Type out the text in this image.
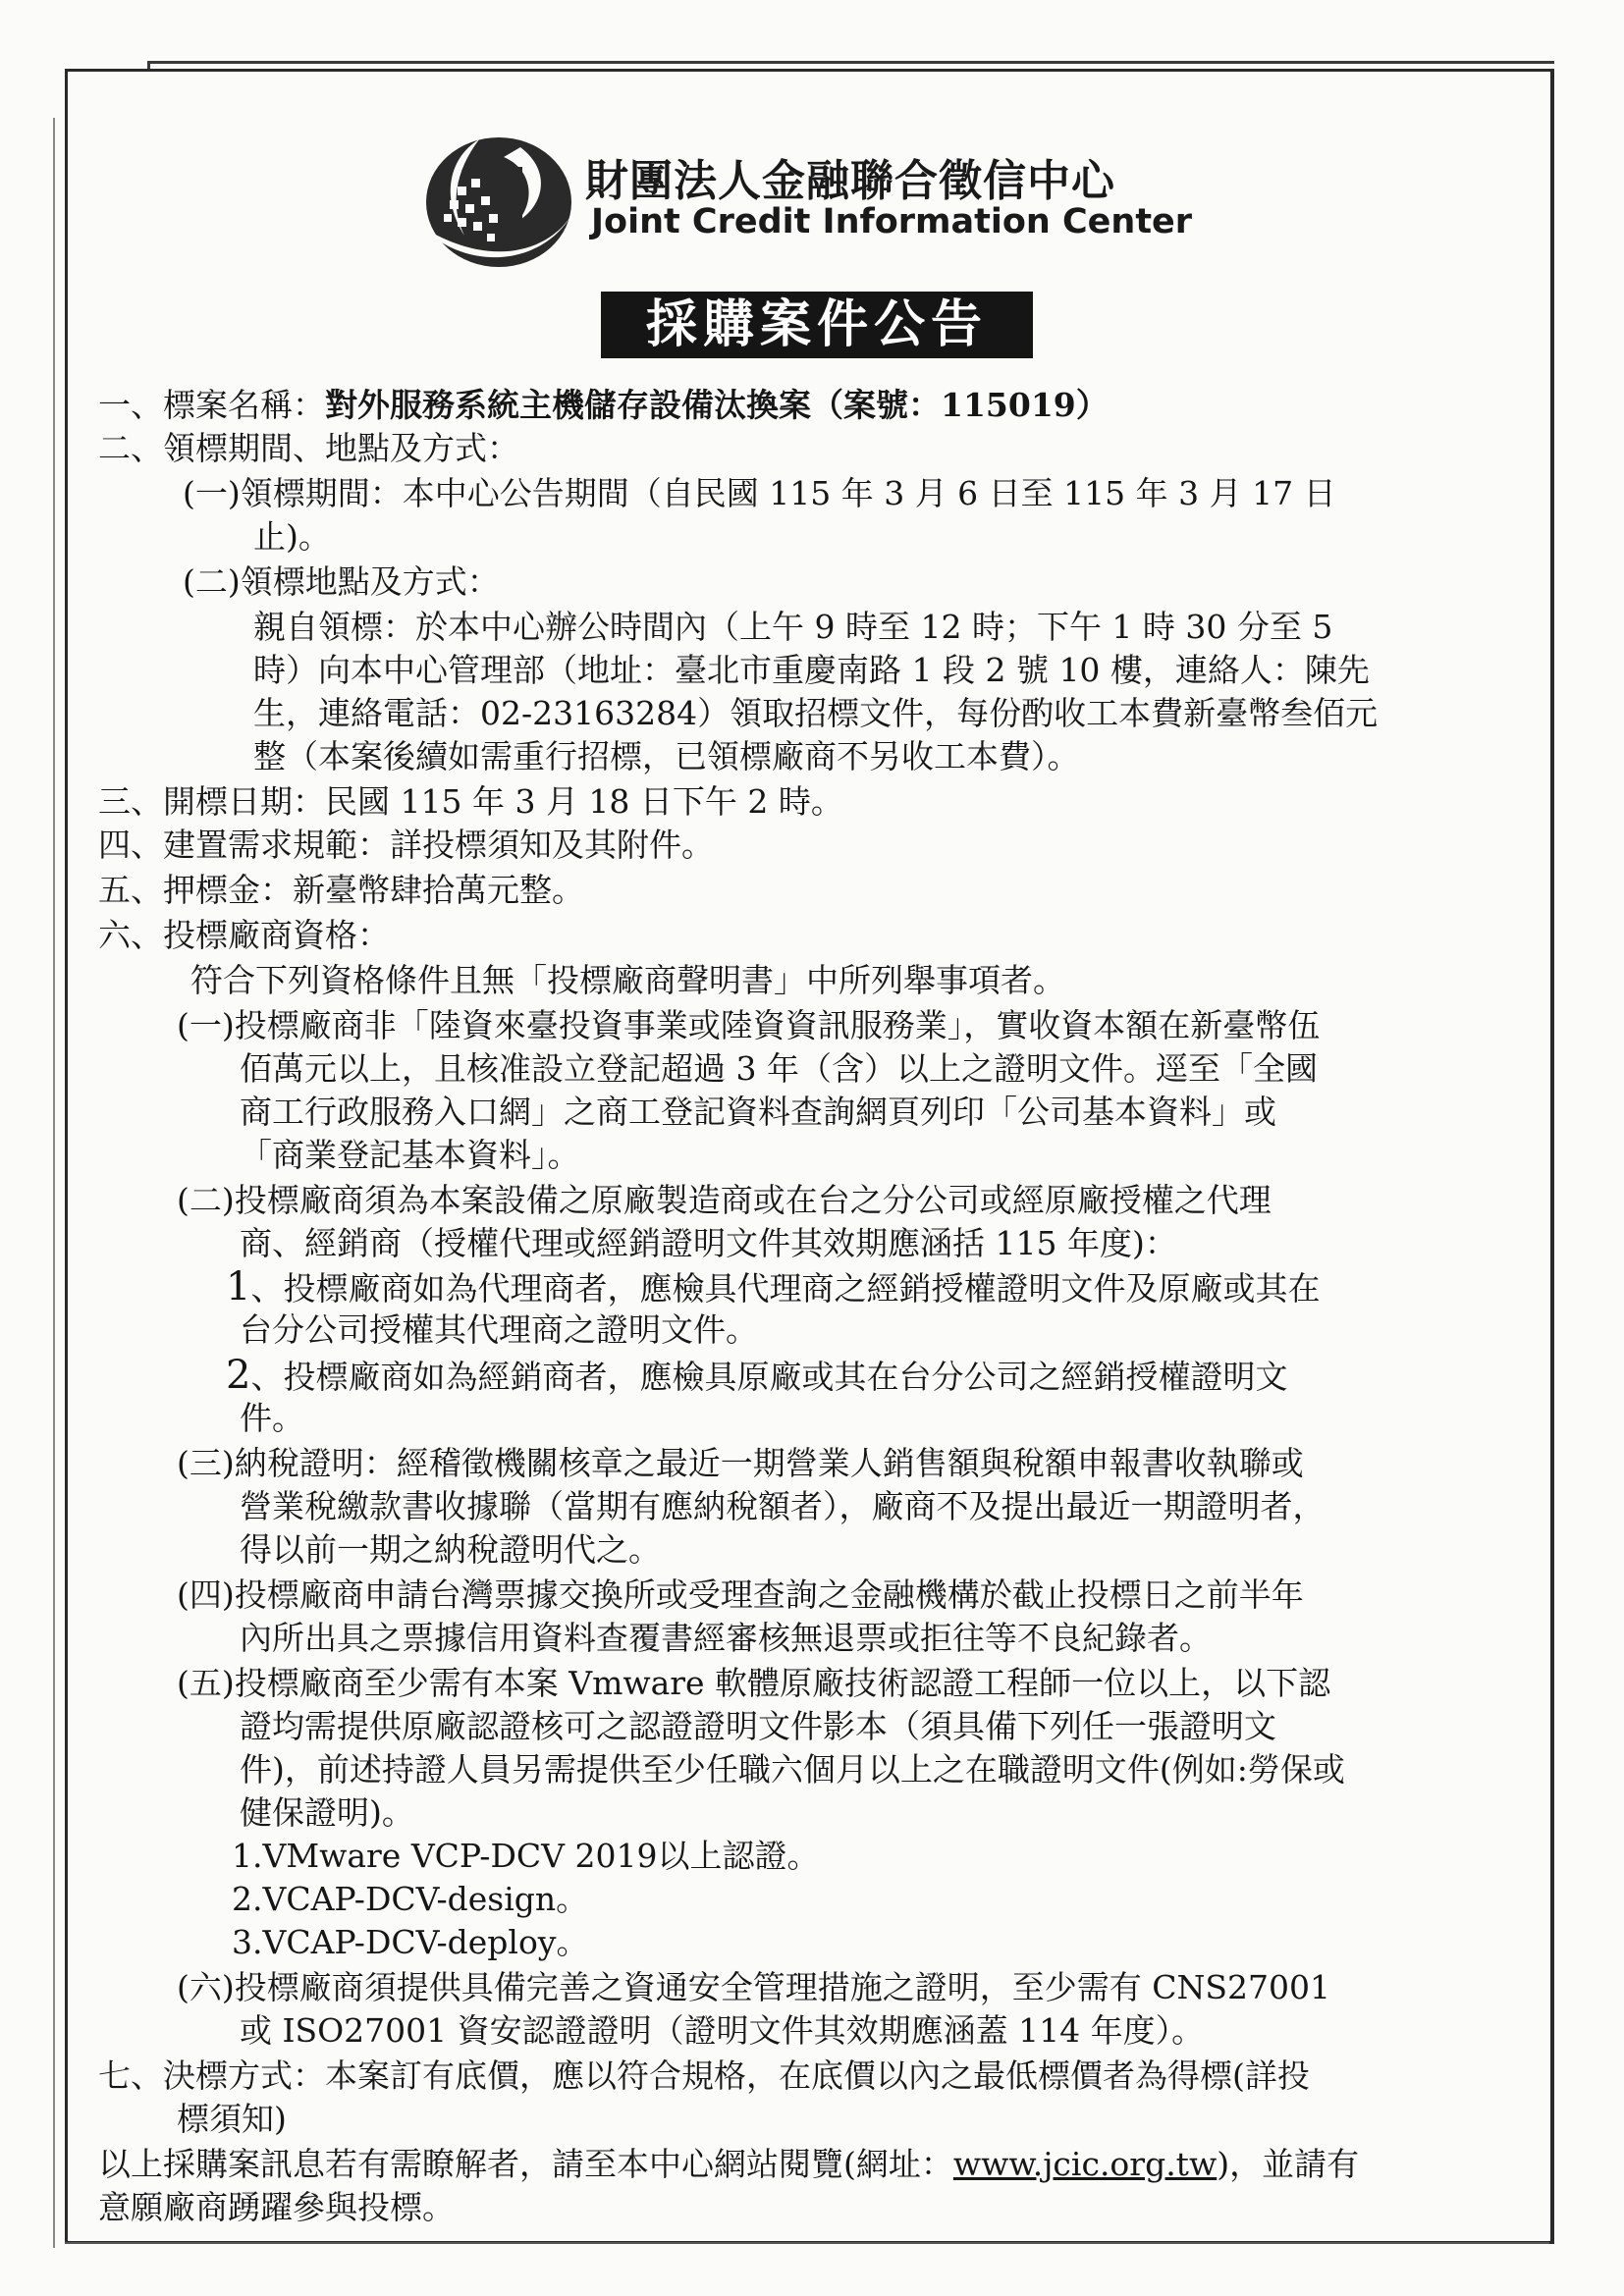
財團法人金融聯合徵信中心
Joint Credit Information Center
採購案件公告
一、標案名稱：對外服務系統主機儲存設備汰換案（案號：115019）
二、領標期間、地點及方式：
(一)領標期間：本中心公告期間（自民國 115 年 3 月 6 日至 115 年 3 月 17 日
止)。
(二)領標地點及方式：
親自領標：於本中心辦公時間內（上午 9 時至 12 時；下午 1 時 30 分至 5
時）向本中心管理部（地址：臺北市重慶南路 1 段 2 號 10 樓，連絡人：陳先
生，連絡電話：02-23163284）領取招標文件，每份酌收工本費新臺幣叁佰元
整（本案後續如需重行招標，已領標廠商不另收工本費）。
三、開標日期：民國 115 年 3 月 18 日下午 2 時。
四、建置需求規範：詳投標須知及其附件。
五、押標金：新臺幣肆拾萬元整。
六、投標廠商資格：
符合下列資格條件且無「投標廠商聲明書」中所列舉事項者。
(一)投標廠商非「陸資來臺投資事業或陸資資訊服務業」，實收資本額在新臺幣伍
佰萬元以上，且核准設立登記超過 3 年（含）以上之證明文件。逕至「全國
商工行政服務入口網」之商工登記資料查詢網頁列印「公司基本資料」或
「商業登記基本資料」。
(二)投標廠商須為本案設備之原廠製造商或在台之分公司或經原廠授權之代理
商、經銷商（授權代理或經銷證明文件其效期應涵括 115 年度)：
1、投標廠商如為代理商者，應檢具代理商之經銷授權證明文件及原廠或其在
台分公司授權其代理商之證明文件。
2、投標廠商如為經銷商者，應檢具原廠或其在台分公司之經銷授權證明文
件。
(三)納稅證明：經稽徵機關核章之最近一期營業人銷售額與稅額申報書收執聯或
營業稅繳款書收據聯（當期有應納稅額者），廠商不及提出最近一期證明者，
得以前一期之納稅證明代之。
(四)投標廠商申請台灣票據交換所或受理查詢之金融機構於截止投標日之前半年
內所出具之票據信用資料查覆書經審核無退票或拒往等不良紀錄者。
(五)投標廠商至少需有本案 Vmware 軟體原廠技術認證工程師一位以上，以下認
證均需提供原廠認證核可之認證證明文件影本（須具備下列任一張證明文
件)，前述持證人員另需提供至少任職六個月以上之在職證明文件(例如:勞保或
健保證明)。
1.VMware VCP-DCV 2019以上認證。
2.VCAP-DCV-design。
3.VCAP-DCV-deploy。
(六)投標廠商須提供具備完善之資通安全管理措施之證明，至少需有 CNS27001
或 ISO27001 資安認證證明（證明文件其效期應涵蓋 114 年度）。
七、決標方式：本案訂有底價，應以符合規格，在底價以內之最低標價者為得標(詳投
標須知)
以上採購案訊息若有需瞭解者，請至本中心網站閱覽(網址：www.jcic.org.tw)，並請有
意願廠商踴躍參與投標。
